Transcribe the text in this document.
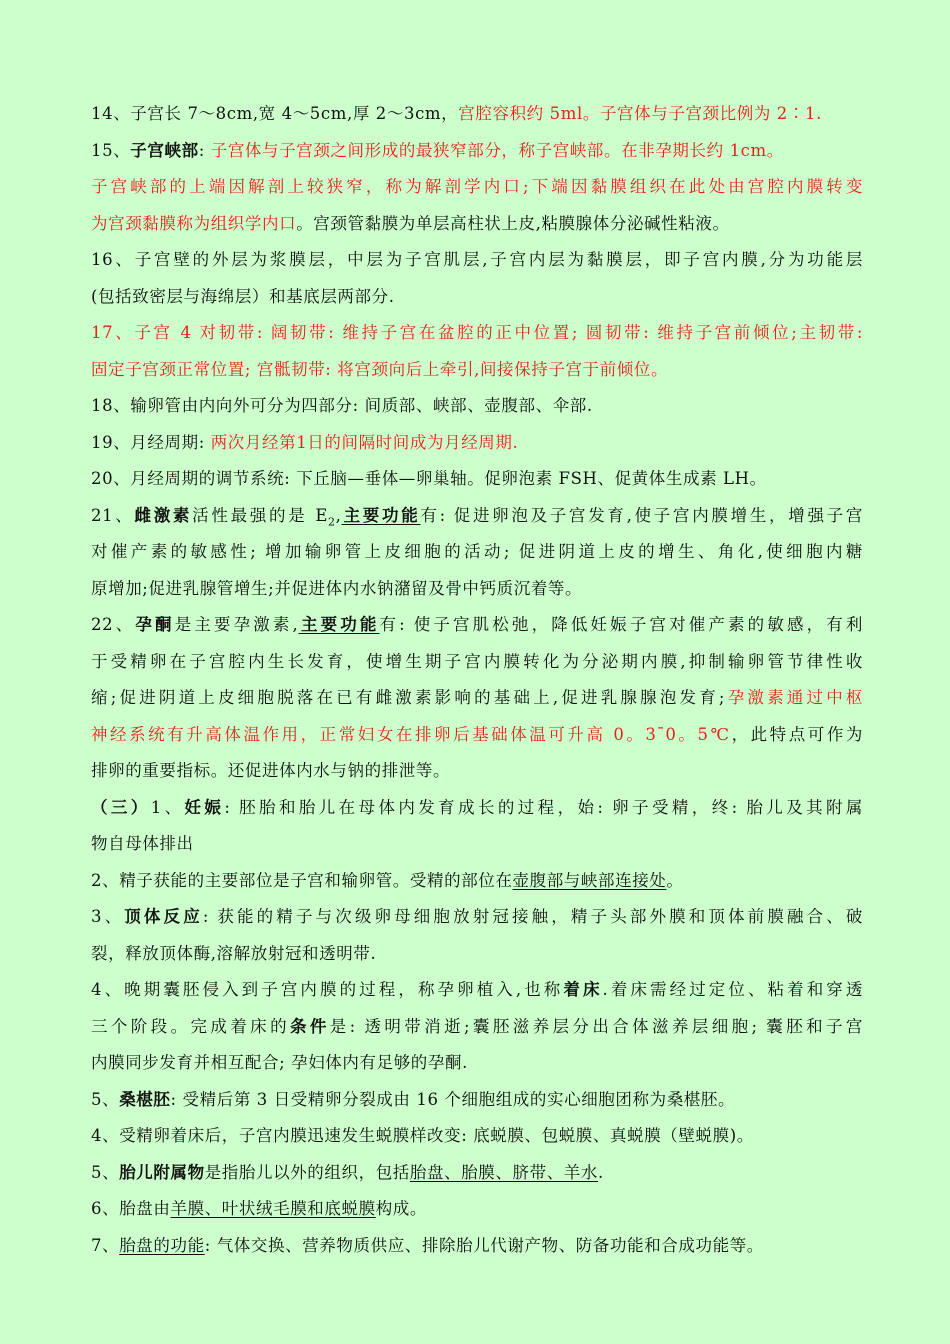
14、子宫长 7～8cm,宽 4～5cm,厚 2～3cm，宫腔容积约 5ml。子宫体与子宫颈比例为 2∶1.

15、子宫峡部: 子宫体与子宫颈之间形成的最狭窄部分，称子宫峡部。在非孕期长约 1cm。

子宫峡部的上端因解剖上较狭窄，称为解剖学内口;下端因黏膜组织在此处由宫腔内膜转变

为宫颈黏膜称为组织学内口。宫颈管黏膜为单层高柱状上皮,粘膜腺体分泌碱性粘液。

16、子宫壁的外层为浆膜层，中层为子宫肌层,子宫内层为黏膜层，即子宫内膜,分为功能层

(包括致密层与海绵层）和基底层两部分.

17、子宫 4 对韧带: 阔韧带: 维持子宫在盆腔的正中位置; 圆韧带: 维持子宫前倾位;主韧带:

固定子宫颈正常位置; 宫骶韧带: 将宫颈向后上牵引,间接保持子宫于前倾位。

18、输卵管由内向外可分为四部分: 间质部、峡部、壶腹部、伞部.

19、月经周期: 两次月经第1日的间隔时间成为月经周期.

20、月经周期的调节系统: 下丘脑—垂体—卵巢轴。促卵泡素 FSH、促黄体生成素 LH。

21、雌激素活性最强的是 $E_2$,主要功能有: 促进卵泡及子宫发育,使子宫内膜增生，增强子宫

对催产素的敏感性; 增加输卵管上皮细胞的活动; 促进阴道上皮的增生、角化,使细胞内糖

原增加;促进乳腺管增生;并促进体内水钠潴留及骨中钙质沉着等。

22、孕酮是主要孕激素,主要功能有: 使子宫肌松弛，降低妊娠子宫对催产素的敏感，有利

于受精卵在子宫腔内生长发育，使增生期子宫内膜转化为分泌期内膜,抑制输卵管节律性收

缩;促进阴道上皮细胞脱落在已有雌激素影响的基础上,促进乳腺腺泡发育;孕激素通过中枢

神经系统有升高体温作用，正常妇女在排卵后基础体温可升高 0。3¯0。5℃，此特点可作为

排卵的重要指标。还促进体内水与钠的排泄等。

（三）1、妊娠: 胚胎和胎儿在母体内发育成长的过程，始: 卵子受精，终: 胎儿及其附属

物自母体排出

2、精子获能的主要部位是子宫和输卵管。受精的部位在壶腹部与峡部连接处。

3、顶体反应: 获能的精子与次级卵母细胞放射冠接触，精子头部外膜和顶体前膜融合、破

裂，释放顶体酶,溶解放射冠和透明带.

4、晚期囊胚侵入到子宫内膜的过程，称孕卵植入,也称着床.着床需经过定位、粘着和穿透

三个阶段。完成着床的条件是: 透明带消逝;囊胚滋养层分出合体滋养层细胞; 囊胚和子宫

内膜同步发育并相互配合; 孕妇体内有足够的孕酮.

5、桑椹胚: 受精后第 3 日受精卵分裂成由 16 个细胞组成的实心细胞团称为桑椹胚。

4、受精卵着床后，子宫内膜迅速发生蜕膜样改变: 底蜕膜、包蜕膜、真蜕膜（壁蜕膜)。

5、胎儿附属物是指胎儿以外的组织，包括胎盘、胎膜、脐带、羊水.

6、胎盘由羊膜、叶状绒毛膜和底蜕膜构成。

7、胎盘的功能: 气体交换、营养物质供应、排除胎儿代谢产物、防备功能和合成功能等。
